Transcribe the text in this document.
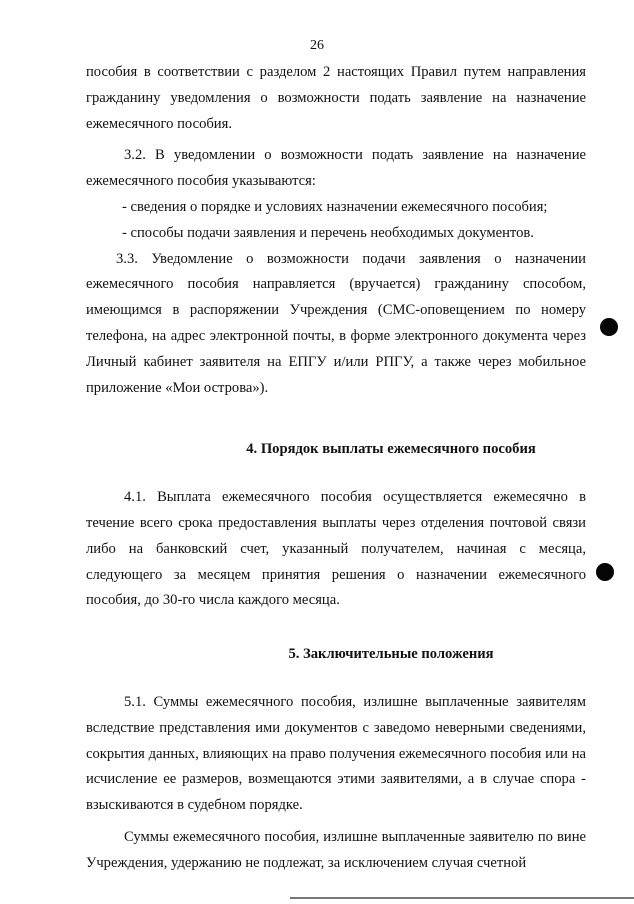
26

пособия в соответствии с разделом 2 настоящих Правил путем направления гражданину уведомления о возможности подать заявление на назначение ежемесячного пособия.

3.2. В уведомлении о возможности подать заявление на назначение ежемесячного пособия указываются:

- сведения о порядке и условиях назначении ежемесячного пособия;

- способы подачи заявления и перечень необходимых документов.

3.3. Уведомление о возможности подачи заявления о назначении ежемесячного пособия направляется (вручается) гражданину способом, имеющимся в распоряжении Учреждения (СМС-оповещением по номеру телефона, на адрес электронной почты, в форме электронного документа через Личный кабинет заявителя на ЕПГУ и/или РПГУ, а также через мобильное приложение «Мои острова»).

4. Порядок выплаты ежемесячного пособия

4.1. Выплата ежемесячного пособия осуществляется ежемесячно в течение всего срока предоставления выплаты через отделения почтовой связи либо на банковский счет, указанный получателем, начиная с месяца, следующего за месяцем принятия решения о назначении ежемесячного пособия, до 30-го числа каждого месяца.

5. Заключительные положения

5.1. Суммы ежемесячного пособия, излишне выплаченные заявителям вследствие представления ими документов с заведомо неверными сведениями, сокрытия данных, влияющих на право получения ежемесячного пособия или на исчисление ее размеров, возмещаются этими заявителями, а в случае спора - взыскиваются в судебном порядке.

Суммы ежемесячного пособия, излишне выплаченные заявителю по вине Учреждения, удержанию не подлежат, за исключением случая счетной
